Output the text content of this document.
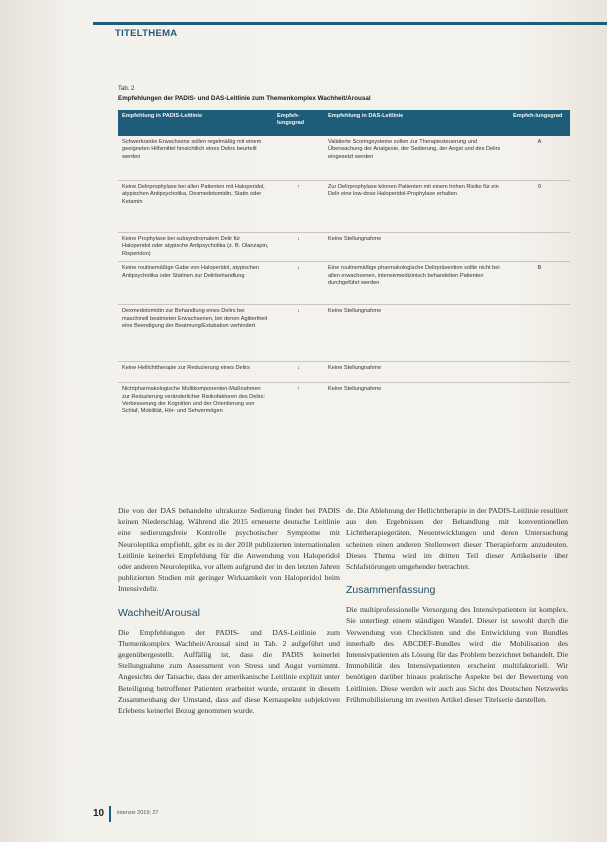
TITELTHEMA
Tab. 2
Empfehlungen der PADIS- und DAS-Leitlinie zum Themenkomplex Wachheit/Arousal
Empfehlung in PADIS-Leitlinie	Empfeh-lungsgrad	Empfehlung in DAS-Leitlinie	Empfeh-lungsgrad
Schwerkranke Erwachsene sollen regelmäßig mit einem geeigneten Hilfsmittel hinsichtlich eines Delirs beurteilt werden		Validierte Scoringsysteme sollen zur Therapiesteuerung und Überwachung der Analgesie, der Sedierung, der Angst und des Delirs eingesetzt werden	A
Keine Delirprophylaxe bei allen Patienten mit Haloperidol, atypischen Antipsychotika, Dexmedetomidin, Statin oder Ketamin	↑	Zur Delirprophylaxe können Patienten mit einem hohen Risiko für ein Delir eine low-dose Haloperidol-Prophylaxe erhalten	0
Keine Prophylaxe bei subsyndromalem Delir für Haloperidol oder atypische Antipsychotika (z. B. Olanzapin, Risperidon)	↓	Keine Stellungnahme	
Keine routinemäßige Gabe von Haloperidol, atypischen Antipsychotika oder Statinen zur Delirbehandlung	↓	Eine routinemäßige pharmakologische Delirprävention sollte nicht bei allen erwachsenen, intensivmedizinisch behandelten Patienten durchgeführt werden	B
Dexmedetomidin zur Behandlung eines Delirs bei maschinell beatmeten Erwachsenen, bei denen Agitiertheit eine Beendigung der Beatmung/Extubation verhindert	↓	Keine Stellungnahme	
Keine Hellichttherapie zur Reduzierung eines Delirs	↓	Keine Stellungnahme	
Nichtpharmakologische Multikomponenten-Maßnahmen zur Reduzierung veränderlicher Risikofaktoren des Delirs: Verbesserung der Kognition und der Orientierung von Schlaf, Mobilität, Hör- und Sehvermögen	↑	Keine Stellungnahme	

Die von der DAS behandelte ultrakurze Sedierung findet bei PADIS keinen Niederschlag. Während die 2015 erneuerte deutsche Leitlinie eine sedierungsfreie Kontrolle psychotischer Symptome mit Neuroleptika empfiehlt, gibt es in der 2018 publizierten internationalen Leitlinie keinerlei Empfehlung für die Anwendung von Haloperidol oder anderen Neuroleptika, vor allem aufgrund der in den letzten Jahren publizierten Studien mit geringer Wirksamkeit von Haloperidol beim Intensivdelir.

Wachheit/Arousal

Die Empfehlungen der PADIS- und DAS-Leitlinie zum Themenkomplex Wachheit/Arousal sind in Tab. 2 aufgeführt und gegenübergestellt. Auffällig ist, dass die PADIS keinerlei Stellungnahme zum Assessment von Stress und Angst vornimmt. Angesichts der Tatsache, dass der amerikanische Leitlinie explizit unter Beteiligung betroffener Patienten erarbeitet wurde, erstaunt in diesem Zusammenhang der Umstand, dass auf diese Kernaspekte subjektiven Erlebens keinerlei Bezug genommen wurde.

de. Die Ablehnung der Hellichttherapie in der PADIS-Leitlinie resultiert aus den Ergebnissen der Behandlung mit konventionellen Lichttherapiegeräten. Neuentwicklungen und deren Untersuchung scheinen einen anderen Stellenwert dieser Therapieform anzudeuten. Dieses Thema wird im dritten Teil dieser Artikelserie über Schlafstörungen umgehender betrachtet.

Zusammenfassung

Die multiprofessionelle Versorgung des Intensivpatienten ist komplex. Sie unterliegt einem ständigen Wandel. Dieser ist sowohl durch die Verwendung von Checklisten und die Entwicklung von Bundles innerhalb des ABCDEF-Bundles wird die Mobilisation des Intensivpatienten als Lösung für das Problem bezeichnet behandelt. Die Immobilität des Intensivpatienten erscheint multifaktoriell. Wir benötigen darüber hinaus praktische Aspekte bei der Bewertung von Leitlinien. Diese werden wir auch aus Sicht des Deutschen Netzwerks Frühmobilisierung im zweiten Artikel dieser Titelserie darstellen.

10 intensiv 2019; 27
